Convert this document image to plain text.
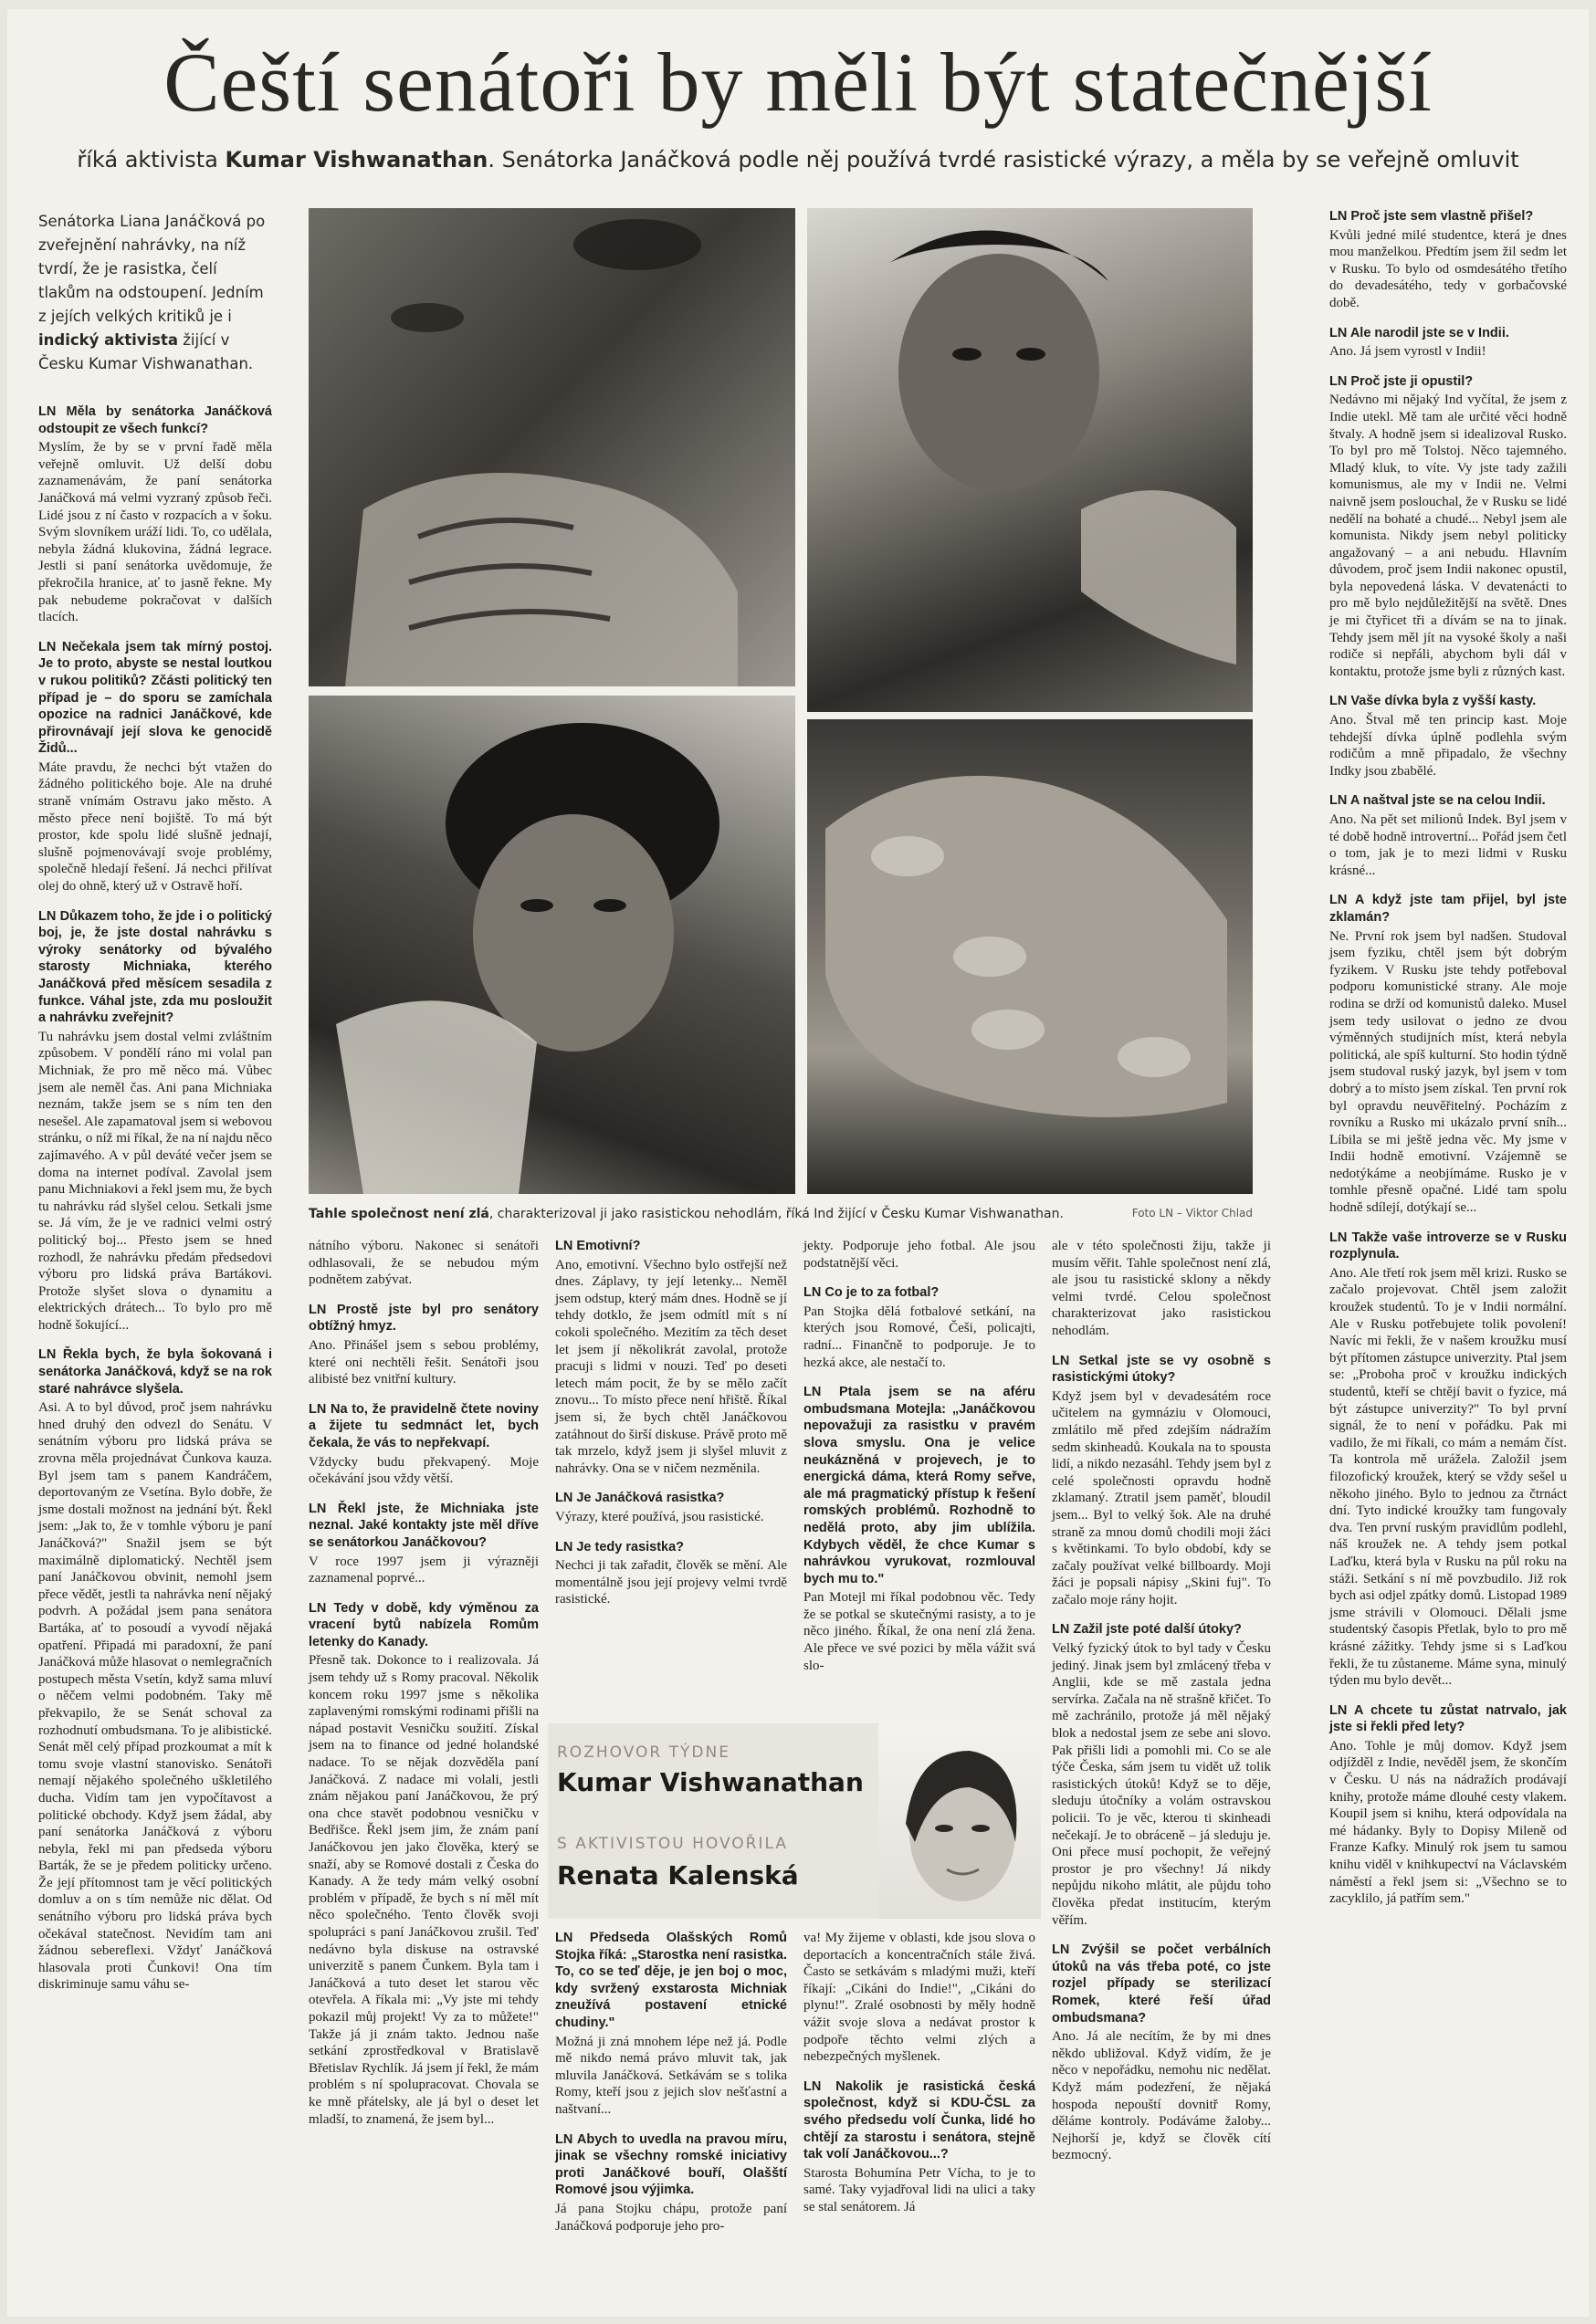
Čeští senátoři by měli být statečnější
říká aktivista Kumar Vishwanathan. Senátorka Janáčková podle něj používá tvrdé rasistické výrazy, a měla by se veřejně omluvit
Senátorka Liana Janáčková po zveřejnění nahrávky, na níž tvrdí, že je rasistka, čelí tlakům na odstoupení. Jedním z jejích velkých kritiků je i indický aktivista žijící v Česku Kumar Vishwanathan.

LN Měla by senátorka Janáčková odstoupit ze všech funkcí?
Myslím, že by se v první řadě měla veřejně omluvit. Už delší dobu zaznamenávám, že paní senátorka Janáčková má velmi vyzraný způsob řeči. Lidé jsou z ní často v rozpacích a v šoku. Svým slovníkem uráží lidi. To, co udělala, nebyla žádná klukovina, žádná legrace. Jestli si paní senátorka uvědomuje, že překročila hranice, ať to jasně řekne. My pak nebudeme pokračovat v dalších tlacích.

LN Nečekala jsem tak mírný postoj. Je to proto, abyste se nestal loutkou v rukou politiků? Zčásti politický ten případ je – do sporu se zamíchala opozice na radnici Janáčkové, kde přirovnávají její slova ke genocidě Židů...
Máte pravdu, že nechci být vtažen do žádného politického boje. Ale na druhé straně vnímám Ostravu jako město. A město přece není bojiště. To má být prostor, kde spolu lidé slušně jednají, slušně pojmenovávají svoje problémy, společně hledají řešení. Já nechci přilívat olej do ohně, který už v Ostravě hoří.

LN Důkazem toho, že jde i o politický boj, je, že jste dostal nahrávku s výroky senátorky od bývalého starosty Michniaka, kterého Janáčková před měsícem sesadila z funkce. Váhal jste, zda mu posloužit a nahrávku zveřejnit?
Tu nahrávku jsem dostal velmi zvláštním způsobem. V pondělí ráno mi volal pan Michniak, že pro mě něco má. Vůbec jsem ale neměl čas. Ani pana Michniaka neznám, takže jsem se s ním ten den nesešel. Ale zapamatoval jsem si webovou stránku, o níž mi říkal, že na ní najdu něco zajímavého. A v půl deváté večer jsem se doma na internet podíval. Zavolal jsem panu Michniakovi a řekl jsem mu, že bych tu nahrávku rád slyšel celou. Setkali jsme se. Já vím, že je ve radnici velmi ostrý politický boj... Přesto jsem se hned rozhodl, že nahrávku předám předsedovi výboru pro lidská práva Bartákovi. Protože slyšet slova o dynamitu a elektrických drátech... To bylo pro mě hodně šokující...

LN Řekla bych, že byla šokovaná i senátorka Janáčková, když se na rok staré nahrávce slyšela.
Asi. A to byl důvod, proč jsem nahrávku hned druhý den odvezl do Senátu. V senátním výboru pro lidská práva se zrovna měla projednávat Čunkova kauza. Byl jsem tam s panem Kandráčem, deportovaným ze Vsetína. Bylo dobře, že jsme dostali možnost na jednání být. Řekl jsem: „Jak to, že v tomhle výboru je paní Janáčková?" Snažil jsem se být maximálně diplomatický. Nechtěl jsem paní Janáčkovou obvinit, nemohl jsem přece vědět, jestli ta nahrávka není nějaký podvrh. A požádal jsem pana senátora Bartáka, ať to posoudí a vyvodí nějaká opatření. Připadá mi paradoxní, že paní Janáčková může hlasovat o nemlegračních postupech města Vsetín, když sama mluví o něčem velmi podobném. Taky mě překvapilo, že se Senát schoval za rozhodnutí ombudsmana. To je alibistické. Senát měl celý případ prozkoumat a mít k tomu svoje vlastní stanovisko. Senátoři nemají nějakého společného uškletilého ducha. Vidím tam jen vypočítavost a politické obchody. Když jsem žádal, aby paní senátorka Janáčková z výboru nebyla, řekl mi pan předseda výboru Barták, že se je předem politicky určeno. Že její přítomnost tam je věcí politických domluv a on s tím nemůže nic dělat. Od senátního výboru pro lidská práva bych očekával statečnost. Nevidím tam ani žádnou sebereflexi. Vždyť Janáčková hlasovala proti Čunkovi! Ona tím diskriminuje samu váhu se-

Tahle společnost není zlá, charakterizoval ji jako rasistickou nehodlám, říká Ind žijící v Česku Kumar Vishwanathan.	Foto LN – Viktor Chlad

nátního výboru. Nakonec si senátoři odhlasovali, že se nebudou mým podnětem zabývat.

LN Prostě jste byl pro senátory obtížný hmyz.
Ano. Přinášel jsem s sebou problémy, které oni nechtěli řešit. Senátoři jsou alibisté bez vnitřní kultury.

LN Na to, že pravidelně čtete noviny a žijete tu sedmnáct let, bych čekala, že vás to nepřekvapí.
Vždycky budu překvapený. Moje očekávání jsou vždy větší.

LN Řekl jste, že Michniaka jste neznal. Jaké kontakty jste měl dříve se senátorkou Janáčkovou?
V roce 1997 jsem ji výrazněji zaznamenal poprvé...

LN Tedy v době, kdy výměnou za vracení bytů nabízela Romům letenky do Kanady.
Přesně tak. Dokonce to i realizovala. Já jsem tehdy už s Romy pracoval. Několik koncem roku 1997 jsme s několika zaplavenými romskými rodinami přišli na nápad postavit Vesničku soužití. Získal jsem na to finance od jedné holandské nadace. To se nějak dozvěděla paní Janáčková. Z nadace mi volali, jestli znám nějakou paní Janáčkovou, že prý ona chce stavět podobnou vesničku v Bedřišce. Řekl jsem jim, že znám paní Janáčkovou jen jako člověka, který se snaží, aby se Romové dostali z Česka do Kanady. A že tedy mám velký osobní problém v případě, že bych s ní měl mít něco společného. Tento člověk svoji spolupráci s paní Janáčkovou zrušil. Teď nedávno byla diskuse na ostravské univerzitě s panem Čunkem. Byla tam i Janáčková a tuto deset let starou věc otevřela. A říkala mi: „Vy jste mi tehdy pokazil můj projekt! Vy za to můžete!" Takže já ji znám takto. Jednou naše setkání zprostředkoval v Bratislavě Břetislav Rychlík. Já jsem jí řekl, že mám problém s ní spolupracovat. Chovala se ke mně přátelsky, ale já byl o deset let mladší, to znamená, že jsem byl...

LN Emotivní?
Ano, emotivní. Všechno bylo ostřejší než dnes. Záplavy, ty její letenky... Neměl jsem odstup, který mám dnes. Hodně se jí tehdy dotklo, že jsem odmítl mít s ní cokoli společného. Mezitím za těch deset let jsem jí několikrát zavolal, protože pracuji s lidmi v nouzi. Teď po deseti letech mám pocit, že by se mělo začít znovu... To místo přece není hřiště. Říkal jsem si, že bych chtěl Janáčkovou zatáhnout do širší diskuse. Právě proto mě tak mrzelo, když jsem ji slyšel mluvit z nahrávky. Ona se v ničem nezměnila.

LN Je Janáčková rasistka?
Výrazy, které používá, jsou rasistické.

LN Je tedy rasistka?
Nechci ji tak zařadit, člověk se mění. Ale momentálně jsou její projevy velmi tvrdě rasistické.

jekty. Podporuje jeho fotbal. Ale jsou podstatnější věci.

LN Co je to za fotbal?
Pan Stojka dělá fotbalové setkání, na kterých jsou Romové, Češi, policajti, radní... Finančně to podporuje. Je to hezká akce, ale nestačí to.

LN Ptala jsem se na aféru ombudsmana Motejla: „Janáčkovou nepovažuji za rasistku v pravém slova smyslu. Ona je velice neukázněná v projevech, je to energická dáma, která Romy seřve, ale má pragmatický přístup k řešení romských problémů. Rozhodně to nedělá proto, aby jim ublížila. Kdybych věděl, že chce Kumar s nahrávkou vyrukovat, rozmlouval bych mu to."
Pan Motejl mi říkal podobnou věc. Tedy že se potkal se skutečnými rasisty, a to je něco jiného. Říkal, že ona není zlá žena. Ale přece ve své pozici by měla vážit svá slo-

ROZHOVOR TÝDNE
Kumar Vishwanathan
S AKTIVISTOU HOVOŘILA
Renata Kalenská

LN Předseda Olašských Romů Stojka říká: „Starostka není rasistka. To, co se teď děje, je jen boj o moc, kdy svržený exstarosta Michniak zneužívá postavení etnické chudiny."
Možná ji zná mnohem lépe než já. Podle mě nikdo nemá právo mluvit tak, jak mluvila Janáčková. Setkávám se s tolika Romy, kteří jsou z jejich slov nešťastní a naštvaní...

LN Abych to uvedla na pravou míru, jinak se všechny romské iniciativy proti Janáčkové bouří, Olašští Romové jsou výjimka.
Já pana Stojku chápu, protože paní Janáčková podporuje jeho pro-

va! My žijeme v oblasti, kde jsou slova o deportacích a koncentračních stále živá. Často se setkávám s mladými muži, kteří říkají: „Cikáni do Indie!", „Cikáni do plynu!". Zralé osobnosti by měly hodně vážit svoje slova a nedávat prostor k podpoře těchto velmi zlých a nebezpečných myšlenek.

LN Nakolik je rasistická česká společnost, když si KDU-ČSL za svého předsedu volí Čunka, lidé ho chtějí za starostu i senátora, stejně tak volí Janáčkovou...?
Starosta Bohumína Petr Vícha, to je to samé. Taky vyjadřoval lidi na ulici a taky se stal senátorem. Já

ale v této společnosti žiju, takže ji musím věřit. Tahle společnost není zlá, ale jsou tu rasistické sklony a někdy velmi tvrdé. Celou společnost charakterizovat jako rasistickou nehodlám.

LN Setkal jste se vy osobně s rasistickými útoky?
Když jsem byl v devadesátém roce učitelem na gymnáziu v Olomouci, zmlátilo mě před zdejším nádražím sedm skinheadů. Koukala na to spousta lidí, a nikdo nezasáhl. Tehdy jsem byl z celé společnosti opravdu hodně zklamaný. Ztratil jsem paměť, bloudil jsem... Byl to velký šok. Ale na druhé straně za mnou domů chodili moji žáci s květinkami. To bylo období, kdy se začaly používat velké billboardy. Moji žáci je popsali nápisy „Skini fuj". To začalo moje rány hojit.

LN Zažil jste poté další útoky?
Velký fyzický útok to byl tady v Česku jediný. Jinak jsem byl zmlácený třeba v Anglii, kde se mě zastala jedna servírka. Začala na ně strašně křičet. To mě zachránilo, protože já měl nějaký blok a nedostal jsem ze sebe ani slovo. Pak přišli lidi a pomohli mi. Co se ale týče Česka, sám jsem tu vidět už tolik rasistických útoků! Když se to děje, sleduju útočníky a volám ostravskou policii. To je věc, kterou ti skinheadi nečekají. Je to obráceně – já sleduju je. Oni přece musí pochopit, že veřejný prostor je pro všechny! Já nikdy nepůjdu nikoho mlátit, ale půjdu toho člověka předat institucím, kterým věřím.

LN Zvýšil se počet verbálních útoků na vás třeba poté, co jste rozjel případy se sterilizací Romek, které řeší úřad ombudsmana?
Ano. Já ale necítím, že by mi dnes někdo ubližoval. Když vidím, že je něco v nepořádku, nemohu nic nedělat. Když mám podezření, že nějaká hospoda nepouští dovnitř Romy, děláme kontroly. Podáváme žaloby... Nejhorší je, když se člověk cítí bezmocný.

LN Proč jste sem vlastně přišel?
Kvůli jedné milé studentce, která je dnes mou manželkou. Předtím jsem žil sedm let v Rusku. To bylo od osmdesátého třetího do devadesátého, tedy v gorbačovské době.

LN Ale narodil jste se v Indii.
Ano. Já jsem vyrostl v Indii!

LN Proč jste ji opustil?
Nedávno mi nějaký Ind vyčítal, že jsem z Indie utekl. Mě tam ale určité věci hodně štvaly. A hodně jsem si idealizoval Rusko. To byl pro mě Tolstoj. Něco tajemného. Mladý kluk, to víte. Vy jste tady zažili komunismus, ale my v Indii ne. Velmi naivně jsem poslouchal, že v Rusku se lidé nedělí na bohaté a chudé... Nebyl jsem ale komunista. Nikdy jsem nebyl politicky angažovaný – a ani nebudu. Hlavním důvodem, proč jsem Indii nakonec opustil, byla nepovedená láska. V devatenácti to pro mě bylo nejdůležitější na světě. Dnes je mi čtyřicet tři a dívám se na to jinak. Tehdy jsem měl jít na vysoké školy a naši rodiče si nepřáli, abychom byli dál v kontaktu, protože jsme byli z různých kast.

LN Vaše dívka byla z vyšší kasty.
Ano. Štval mě ten princip kast. Moje tehdejší dívka úplně podlehla svým rodičům a mně připadalo, že všechny Indky jsou zbabělé.

LN A naštval jste se na celou Indii.
Ano. Na pět set milionů Indek. Byl jsem v té době hodně introvertní... Pořád jsem četl o tom, jak je to mezi lidmi v Rusku krásné...

LN A když jste tam přijel, byl jste zklamán?
Ne. První rok jsem byl nadšen. Studoval jsem fyziku, chtěl jsem být dobrým fyzikem. V Rusku jste tehdy potřeboval podporu komunistické strany. Ale moje rodina se drží od komunistů daleko. Musel jsem tedy usilovat o jedno ze dvou výměnných studijních míst, která nebyla politická, ale spíš kulturní. Sto hodin týdně jsem studoval ruský jazyk, byl jsem v tom dobrý a to místo jsem získal. Ten první rok byl opravdu neuvěřitelný. Pocházím z rovníku a Rusko mi ukázalo první sníh... Líbila se mi ještě jedna věc. My jsme v Indii hodně emotivní. Vzájemně se nedotýkáme a neobjímáme. Rusko je v tomhle přesně opačné. Lidé tam spolu hodně sdílejí, dotýkají se...

LN Takže vaše introverze se v Rusku rozplynula.
Ano. Ale třetí rok jsem měl krizi. Rusko se začalo projevovat. Chtěl jsem založit kroužek studentů. To je v Indii normální. Ale v Rusku potřebujete tolik povolení! Navíc mi řekli, že v našem kroužku musí být přítomen zástupce univerzity. Ptal jsem se: „Proboha proč v kroužku indických studentů, kteří se chtějí bavit o fyzice, má být zástupce univerzity?" To byl první signál, že to není v pořádku. Pak mi vadilo, že mi říkali, co mám a nemám číst. Ta kontrola mě urážela. Založil jsem filozofický kroužek, který se vždy sešel u někoho jiného. Bylo to jednou za čtrnáct dní. Tyto indické kroužky tam fungovaly dva. Ten první ruským pravidlům podlehl, náš kroužek ne. A tehdy jsem potkal Laďku, která byla v Rusku na půl roku na stáži. Setkání s ní mě povzbudilo. Již rok bych asi odjel zpátky domů. Listopad 1989 jsme strávili v Olomouci. Dělali jsme studentský časopis Přetlak, bylo to pro mě krásné zážitky. Tehdy jsme si s Laďkou řekli, že tu zůstaneme. Máme syna, minulý týden mu bylo devět...

LN A chcete tu zůstat natrvalo, jak jste si řekli před lety?
Ano. Tohle je můj domov. Když jsem odjížděl z Indie, nevěděl jsem, že skončím v Česku. U nás na nádražích prodávají knihy, protože máme dlouhé cesty vlakem. Koupil jsem si knihu, která odpovídala na mé hádanky. Byly to Dopisy Mileně od Franze Kafky. Minulý rok jsem tu samou knihu viděl v knihkupectví na Václavském náměstí a řekl jsem si: „Všechno se to zacyklilo, já patřím sem."
